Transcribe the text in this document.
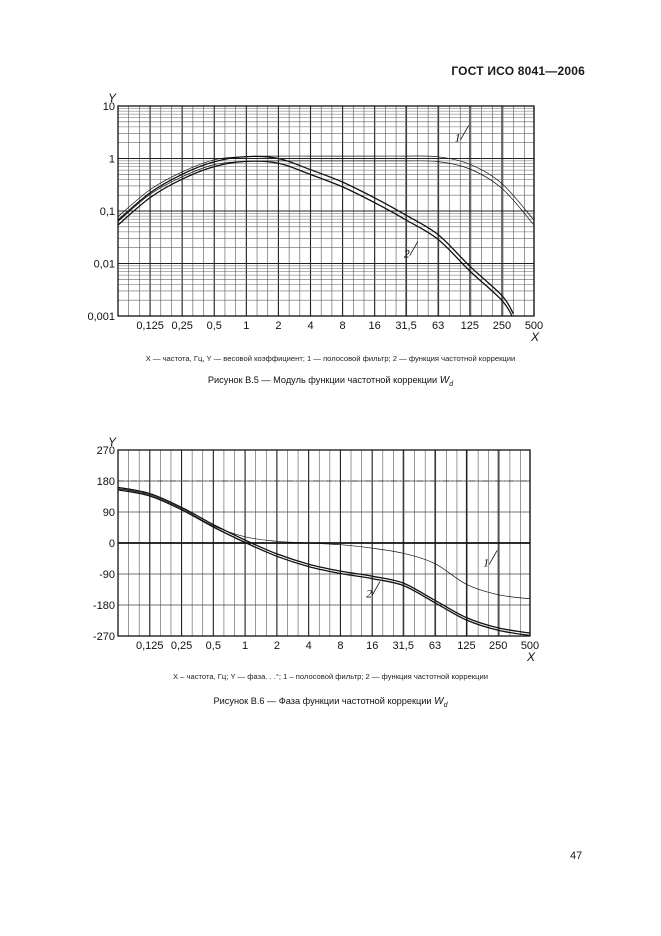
ГОСТ ИСО 8041—2006
0,125 0,25 0,5 1 2 4 8 16 31,5 63 125 250 500
0,001
0,01
0,1
1
10
Y
X
1
2
X — частота, Гц, Y — весовой коэффициент; 1 — полосовой фильтр; 2 — функция частотной коррекции
Рисунок В.5 — Модуль функции частотной коррекции $W_d$
0,125 0,25 0,5 1 2 4 8 16 31,5 63 125 250 500
-270
-180
-90
0
90
180
270
Y
X
1
2
X – частота, Гц; Y — фаза. . .°; 1 – полосовой фильтр; 2 — функция частотной коррекции
Рисунок В.6 — Фаза функции частотной коррекции $W_d$
47
